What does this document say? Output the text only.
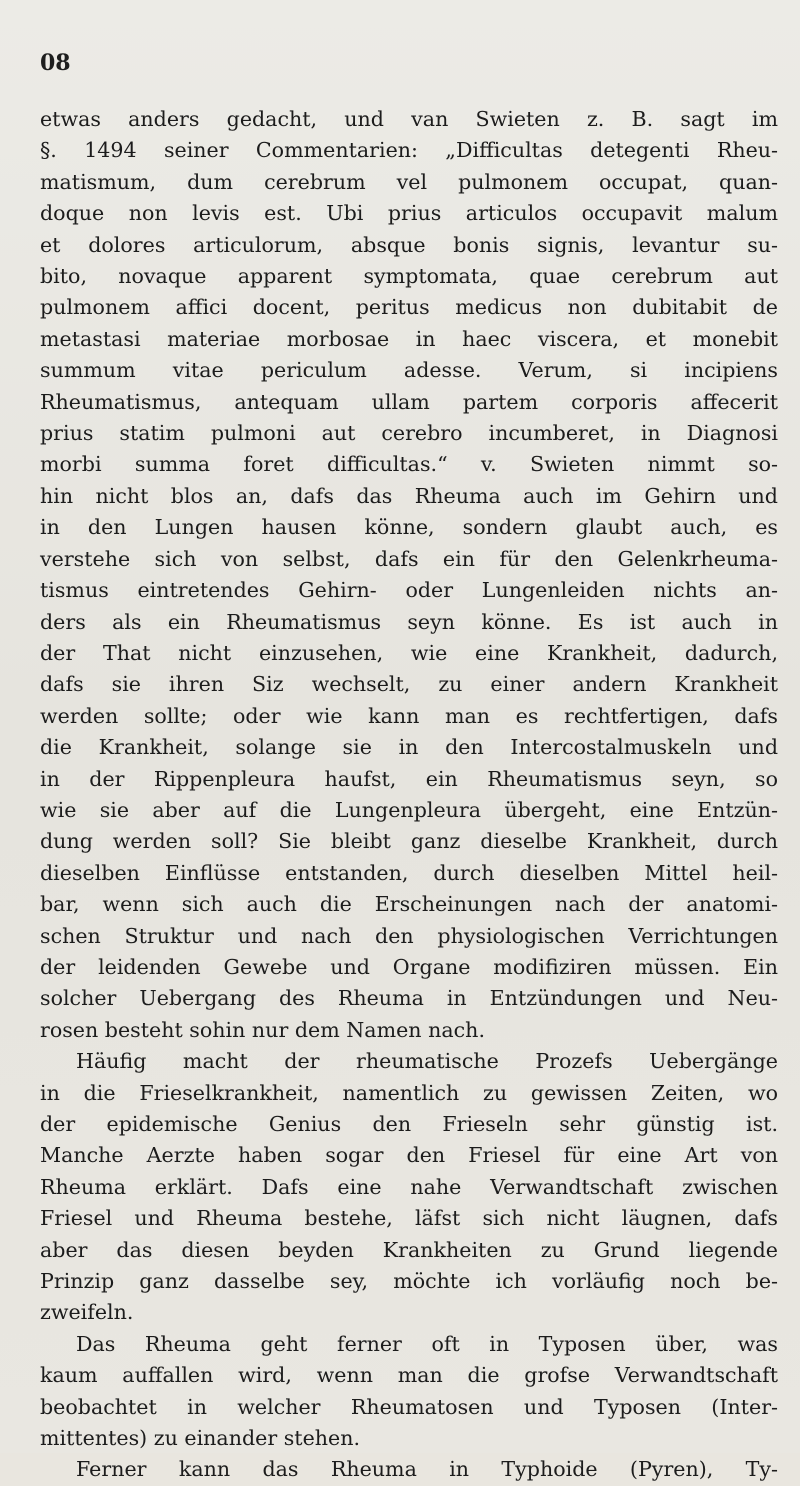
08
etwas anders gedacht, und van Swieten z. B. sagt im
§. 1494 seiner Commentarien: „Difficultas detegenti Rheu-
matismum, dum cerebrum vel pulmonem occupat, quan-
doque non levis est. Ubi prius articulos occupavit malum
et dolores articulorum, absque bonis signis, levantur su-
bito, novaque apparent symptomata, quae cerebrum aut
pulmonem affici docent, peritus medicus non dubitabit de
metastasi materiae morbosae in haec viscera, et monebit
summum vitae periculum adesse. Verum, si incipiens
Rheumatismus, antequam ullam partem corporis affecerit
prius statim pulmoni aut cerebro incumberet, in Diagnosi
morbi summa foret difficultas.“ v. Swieten nimmt so-
hin nicht blos an, dafs das Rheuma auch im Gehirn und
in den Lungen hausen könne, sondern glaubt auch, es
verstehe sich von selbst, dafs ein für den Gelenkrheuma-
tismus eintretendes Gehirn- oder Lungenleiden nichts an-
ders als ein Rheumatismus seyn könne. Es ist auch in
der That nicht einzusehen, wie eine Krankheit, dadurch,
dafs sie ihren Siz wechselt, zu einer andern Krankheit
werden sollte; oder wie kann man es rechtfertigen, dafs
die Krankheit, solange sie in den Intercostalmuskeln und
in der Rippenpleura haufst, ein Rheumatismus seyn, so
wie sie aber auf die Lungenpleura übergeht, eine Entzün-
dung werden soll? Sie bleibt ganz dieselbe Krankheit, durch
dieselben Einflüsse entstanden, durch dieselben Mittel heil-
bar, wenn sich auch die Erscheinungen nach der anatomi-
schen Struktur und nach den physiologischen Verrichtungen
der leidenden Gewebe und Organe modifiziren müssen. Ein
solcher Uebergang des Rheuma in Entzündungen und Neu-
rosen besteht sohin nur dem Namen nach.
Häufig macht der rheumatische Prozefs Uebergänge
in die Frieselkrankheit, namentlich zu gewissen Zeiten, wo
der epidemische Genius den Frieseln sehr günstig ist.
Manche Aerzte haben sogar den Friesel für eine Art von
Rheuma erklärt. Dafs eine nahe Verwandtschaft zwischen
Friesel und Rheuma bestehe, läfst sich nicht läugnen, dafs
aber das diesen beyden Krankheiten zu Grund liegende
Prinzip ganz dasselbe sey, möchte ich vorläufig noch be-
zweifeln.
Das Rheuma geht ferner oft in Typosen über, was
kaum auffallen wird, wenn man die grofse Verwandtschaft
beobachtet in welcher Rheumatosen und Typosen (Inter-
mittentes) zu einander stehen.
Ferner kann das Rheuma in Typhoide (Pyren), Ty-
